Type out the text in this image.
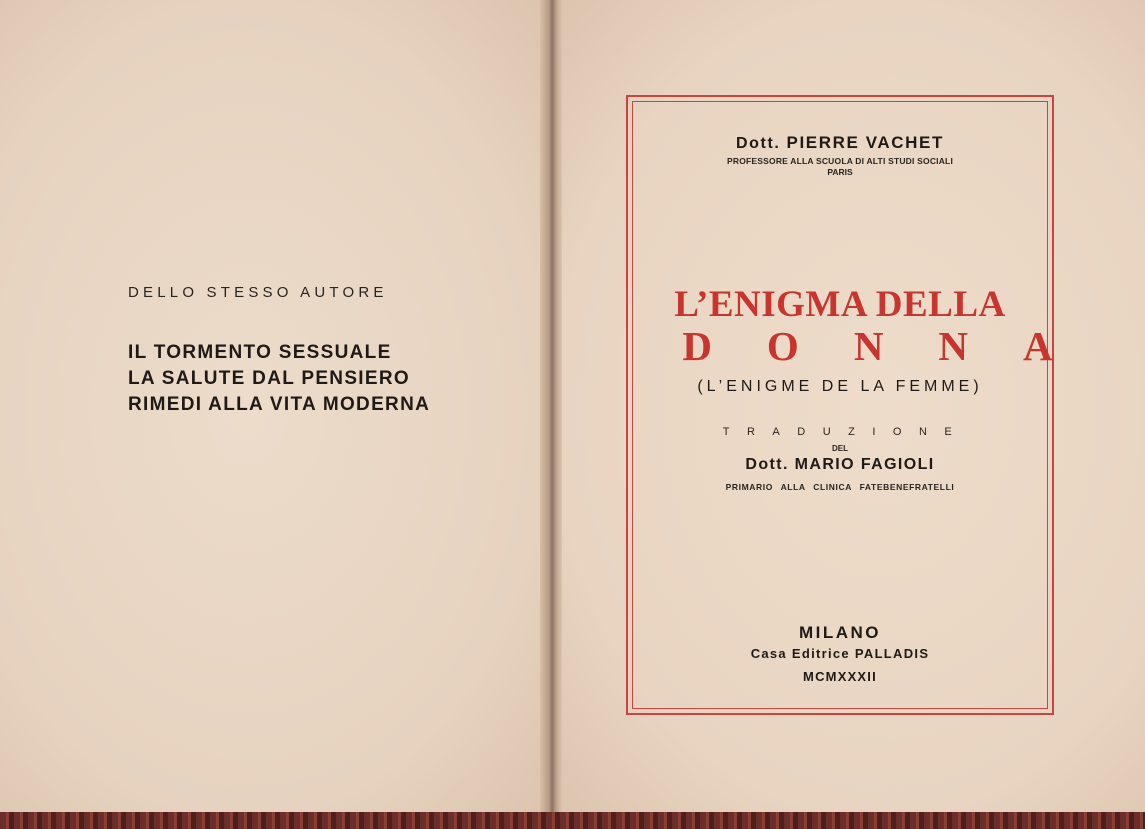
DELLO STESSO AUTORE
IL TORMENTO SESSUALE
LA SALUTE DAL PENSIERO
RIMEDI ALLA VITA MODERNA
Dott. PIERRE VACHET
PROFESSORE ALLA SCUOLA DI ALTI STUDI SOCIALI
PARIS
L’ENIGMA DELLA
DONNA
(L’ENIGME DE LA FEMME)
TRADUZIONE
DEL
Dott. MARIO FAGIOLI
PRIMARIO ALLA CLINICA FATEBENEFRATELLI
MILANO
Casa Editrice PALLADIS
MCMXXXII
